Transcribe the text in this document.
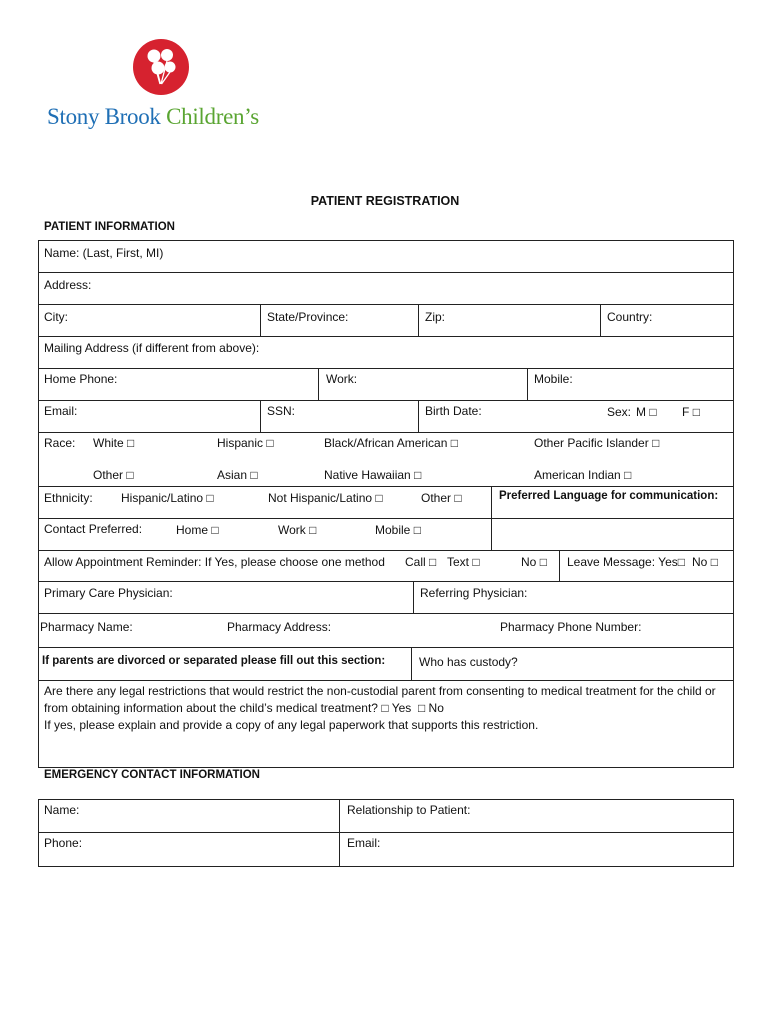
Stony Brook Children’s
PATIENT REGISTRATION
PATIENT INFORMATION
Name: (Last, First, MI)
Address:
City:	State/Province:	Zip:	Country:
Mailing Address (if different from above):
Home Phone:	Work:	Mobile:
Email:	SSN:	Birth Date:	Sex: M □ F □
Race: White □	Hispanic □	Black/African American □	Other Pacific Islander □
Other □	Asian □	Native Hawaiian □	American Indian □
Ethnicity: Hispanic/Latino □	Not Hispanic/Latino □	Other □	Preferred Language for communication:
Contact Preferred:	Home □	Work □	Mobile □
Allow Appointment Reminder: If Yes, please choose one method Call □ Text □	No □ Leave Message: Yes□ No □
Primary Care Physician:	Referring Physician:
Pharmacy Name:	Pharmacy Address:	Pharmacy Phone Number:
If parents are divorced or separated please fill out this section:	Who has custody?
Are there any legal restrictions that would restrict the non-custodial parent from consenting to medical treatment for the child or from obtaining information about the child’s medical treatment? □ Yes □ No
If yes, please explain and provide a copy of any legal paperwork that supports this restriction.
EMERGENCY CONTACT INFORMATION
Name:	Relationship to Patient:
Phone:	Email:
